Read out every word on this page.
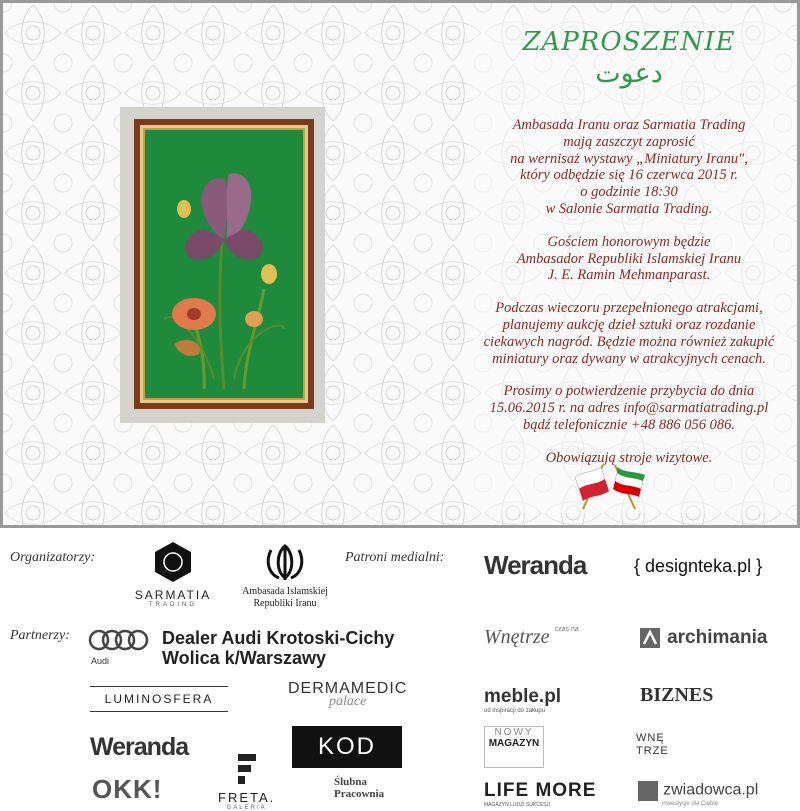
ZAPROSZENIE

دعوت

Ambasada Iranu oraz Sarmatia Trading
mają zaszczyt zaprosić
na wernisaż wystawy „Miniatury Iranu",
który odbędzie się 16 czerwca 2015 r.
o godzinie 18:30
w Salonie Sarmatia Trading.

Gościem honorowym będzie
Ambasador Republiki Islamskiej Iranu
J. E. Ramin Mehmanparast.

Podczas wieczoru przepełnionego atrakcjami,
planujemy aukcję dzieł sztuki oraz rozdanie
ciekawych nagród. Będzie można również zakupić
miniatury oraz dywany w atrakcyjnych cenach.

Prosimy o potwierdzenie przybycia do dnia
15.06.2015 r. na adres info@sarmatiatrading.pl
bądź telefonicznie +48 886 056 086.

Obowiązują stroje wizytowe.

Organizatorzy:	Patroni medialni:
Partnerzy:
SARMATIA
TRADING
Ambasada Islamskiej
Republiki Iranu
Weranda	{ designteka.pl }
Audi
Dealer Audi Krotoski-Cichy
Wolica k/Warszawy
Wnętrze $^{czas na}$	archimania
LUMINOSFERA
DERMAMEDIC
palace	meble.pl
od inspiracji do zakupu
BIZNES
Weranda	KOD
NOWY
MAGAZYN	WNĘ
TRZE
OKK!	FRETA.
GALERIA
Ślubna
Pracownia	LIFE MORE
MAGAZYN LUDZI SUKCESU
zwiadowca.pl
inwestycje dla Ciebie
